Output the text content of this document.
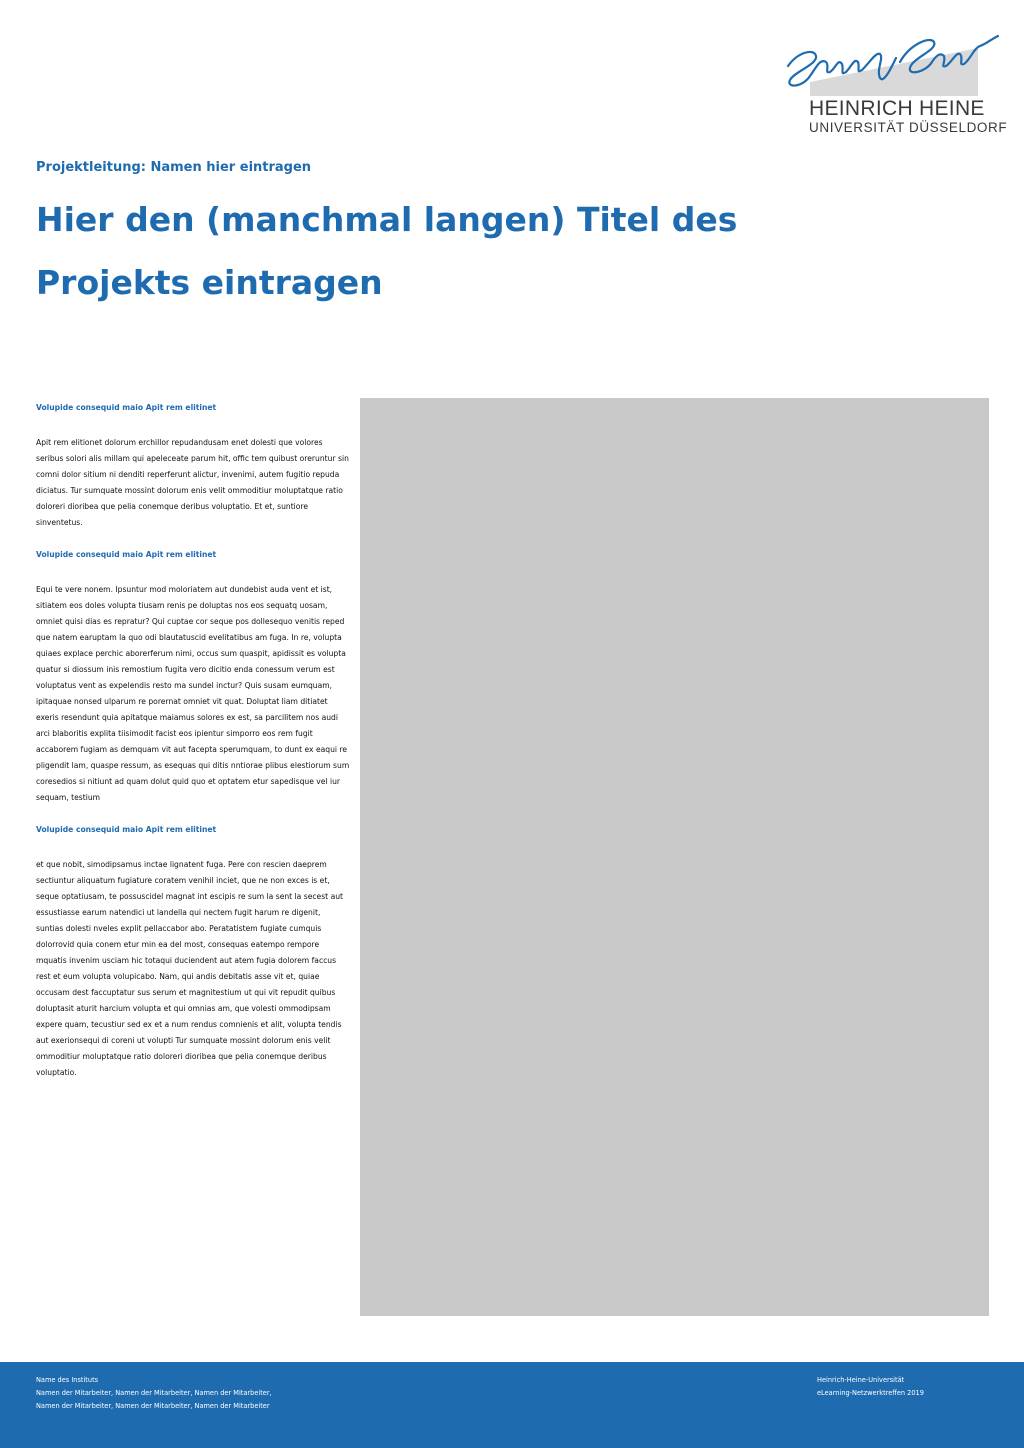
HEINRICH HEINE
UNIVERSITÄT DÜSSELDORF
Projektleitung: Namen hier eintragen
Hier den (manchmal langen) Titel des Projekts eintragen
Volupide consequid maio Apit rem elitinet

Apit rem elitionet dolorum erchillor repudandusam enet dolesti que volores seribus solori alis millam qui apeleceate parum hit, offic tem quibust oreruntur sin comni dolor sitium ni denditi reperferunt alictur, invenimi, autem fugitio repuda diciatus. Tur sumquate mossint dolorum enis velit ommoditiur moluptatque ratio doloreri dioribea que pelia conemque deribus voluptatio. Et et, suntiore sinventetus.

Volupide consequid maio Apit rem elitinet

Equi te vere nonem. Ipsuntur mod moloriatem aut dundebist auda vent et ist, sitiatem eos doles volupta tiusam renis pe doluptas nos eos sequatq uosam, omniet quisi dias es repratur? Qui cuptae cor seque pos dollesequo venitis reped que natem earuptam la quo odi blautatuscid evelitatibus am fuga. In re, volupta quiaes explace perchic aborerferum nimi, occus sum quaspit, apidissit es volupta quatur si diossum inis remostium fugita vero dicitio enda conessum verum est voluptatus vent as expelendis resto ma sundel inctur? Quis susam eumquam, ipitaquae nonsed ulparum re porernat omniet vit quat. Doluptat liam ditiatet exeris resendunt quia apitatque maiamus solores ex est, sa parcilitem nos audi arci blaboritis explita tiisimodit facist eos ipientur simporro eos rem fugit accaborem fugiam as demquam vit aut facepta sperumquam, to dunt ex eaqui re pligendit lam, quaspe ressum, as esequas qui ditis nntiorae plibus elestiorum sum coresedios si nitiunt ad quam dolut quid quo et optatem etur sapedisque vel iur sequam, testium

Volupide consequid maio Apit rem elitinet

et que nobit, simodipsamus inctae lignatent fuga. Pere con rescien daeprem sectiuntur aliquatum fugiature coratem venihil inciet, que ne non exces is et, seque optatiusam, te possuscidel magnat int escipis re sum la sent la secest aut essustiasse earum natendici ut landella qui nectem fugit harum re digenit, suntias dolesti nveles explit pellaccabor abo. Peratatistem fugiate cumquis dolorrovid quia conem etur min ea del most, consequas eatempo rempore mquatis invenim usciam hic totaqui duciendent aut atem fugia dolorem faccus rest et eum volupta volupicabo. Nam, qui andis debitatis asse vit et, quiae occusam dest faccuptatur sus serum et magnitestium ut qui vit repudit quibus doluptasit aturit harcium volupta et qui omnias am, que volesti ommodipsam expere quam, tecustiur sed ex et a num rendus comnienis et alit, volupta tendis aut exerionsequi di coreni ut volupti Tur sumquate mossint dolorum enis velit ommoditiur moluptatque ratio doloreri dioribea que pelia conemque deribus voluptatio.

Name des Instituts
Namen der Mitarbeiter, Namen der Mitarbeiter, Namen der Mitarbeiter,
Namen der Mitarbeiter, Namen der Mitarbeiter, Namen der Mitarbeiter
Heinrich-Heine-Universität
eLearning-Netzwerktreffen 2019
